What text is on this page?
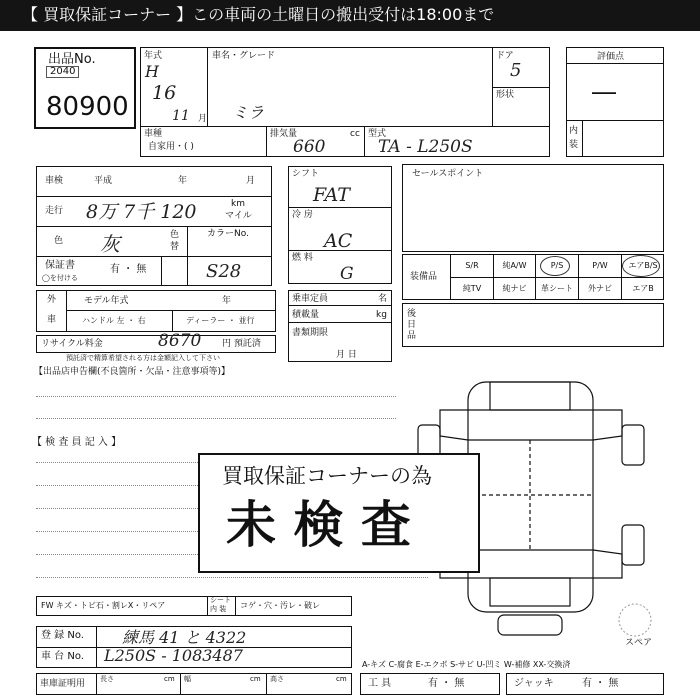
【 買取保証コーナー 】この車両の土曜日の搬出受付は18:00まで
出品No.
2040
80900
年式
H
16
11 月
車名・グレード
ミラ
ドア
5
形状
車種
自家用・( )
排気量	cc
660
型式
TA - L250S
評価点
―
内
装
車検	平成	年	月
走行 8万 7千 120	km
マイル
色 灰	色
替
カラーNo.
保証書
◯を付ける
有 ・ 無	S28
外
車
モデル年式	年
ハンドル 左 ・ 右	ディーラー ・ 並行
リサイクル料金	8670 円 預託済
預託済で精算希望される方は金額記入して下さい
シフト
FAT
冷 房
AC
燃 料
G
乗車定員	名
積載量	kg
書類期限
月 日
セールスポイント
装備品
S/R	純A/W	P/S	P/W	エアB/S
純TV	純ナビ	革シート	外ナビ	エアB
後
日
品
【出品店申告欄(不良箇所・欠品・注意事項等)】
【 検 査 員 記 入 】
スペア
買取保証コーナーの為
未 検 査
FW キズ・トビ石・割レX・リペア
シート
内 装 コゲ・穴・汚レ・破レ
登 録 No. 練馬 41 と 4322
車 台 No. L250S - 1083487	A-キズ C-腐食 E-エクボ S-サビ U-凹ミ W-補修 XX-交換済
車庫証明用 長さ	cm 幅	cm 高さ	cm 工 具	有 ・ 無	ジャッキ	有 ・ 無
